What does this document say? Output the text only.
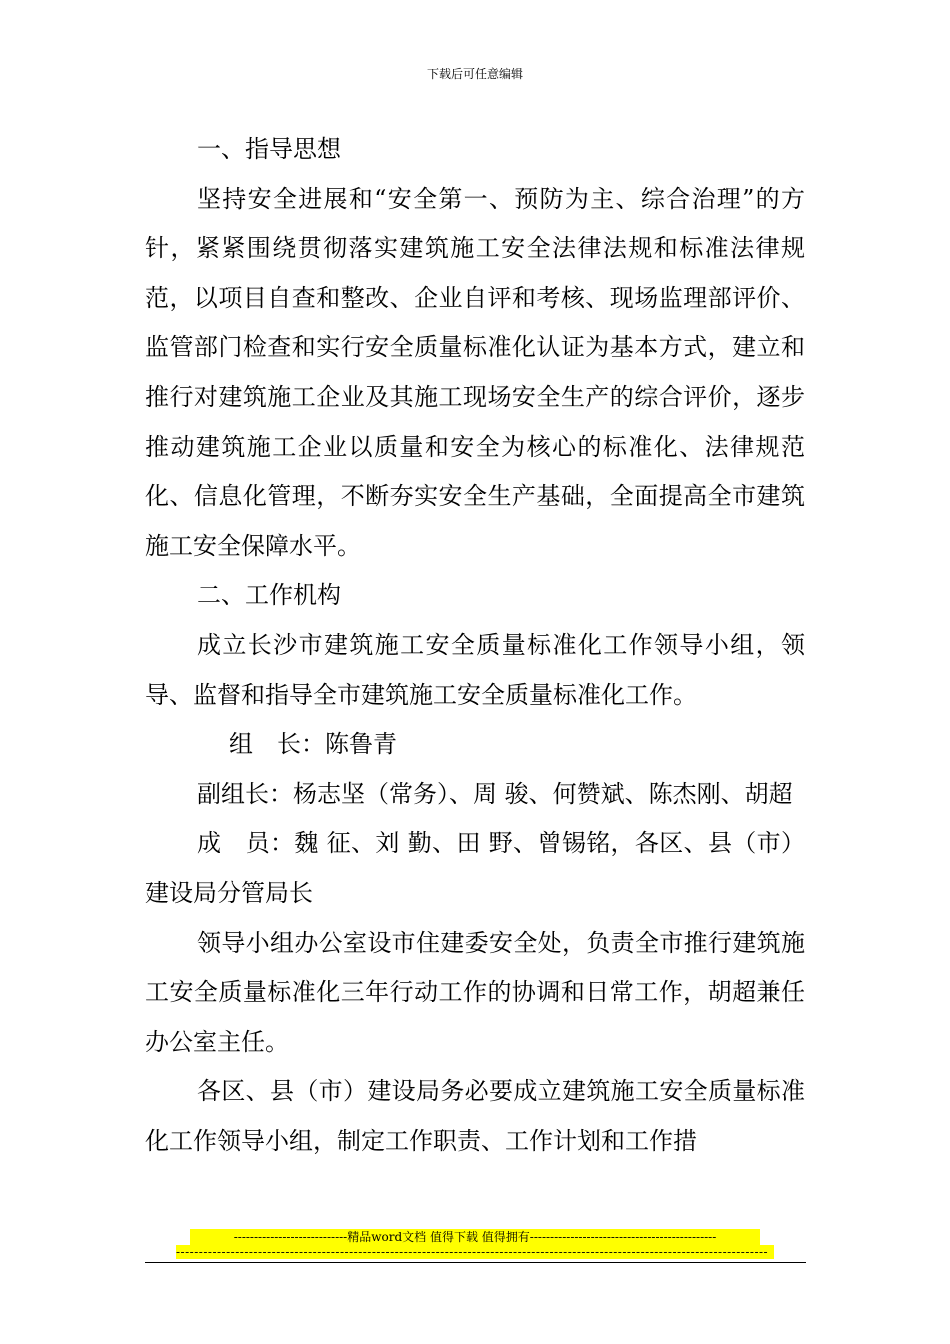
下载后可任意编辑

一、指导思想

坚持安全进展和“安全第一、预防为主、综合治理”的方针，紧紧围绕贯彻落实建筑施工安全法律法规和标准法律规范，以项目自查和整改、企业自评和考核、现场监理部评价、监管部门检查和实行安全质量标准化认证为基本方式，建立和推行对建筑施工企业及其施工现场安全生产的综合评价，逐步推动建筑施工企业以质量和安全为核心的标准化、法律规范化、信息化管理，不断夯实安全生产基础，全面提高全市建筑施工安全保障水平。

二、工作机构

成立长沙市建筑施工安全质量标准化工作领导小组，领导、监督和指导全市建筑施工安全质量标准化工作。

组　长：陈鲁青

副组长：杨志坚（常务）、周 骏、何赞斌、陈杰刚、胡超

成　员：魏 征、刘 勤、田 野、曾锡铭，各区、县（市）建设局分管局长

领导小组办公室设市住建委安全处，负责全市推行建筑施工安全质量标准化三年行动工作的协调和日常工作，胡超兼任办公室主任。

各区、县（市）建设局务必要成立建筑施工安全质量标准化工作领导小组，制定工作职责、工作计划和工作措

----------------------------精品word文档 值得下载 值得拥有----------------------------------------------
----------------------------------------------------------------------------------------------------------------------------------
